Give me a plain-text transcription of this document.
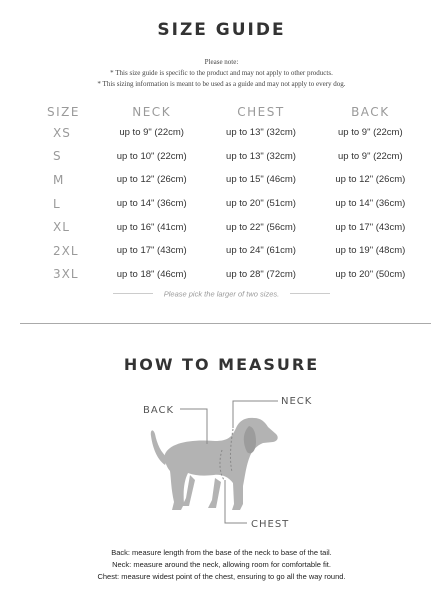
SIZE GUIDE
Please note:
* This size guide is specific to the product and may not apply to other products.
* This sizing information is meant to be used as a guide and may not apply to every dog.
SIZE	NECK	CHEST	BACK
XS	up to 9" (22cm)	up to 13" (32cm)	up to 9" (22cm)
S	up to 10" (22cm)	up to 13" (32cm)	up to 9" (22cm)
M	up to 12" (26cm)	up to 15" (46cm)	up to 12" (26cm)
L	up to 14" (36cm)	up to 20" (51cm)	up to 14" (36cm)
XL	up to 16" (41cm)	up to 22" (56cm)	up to 17" (43cm)
2XL	up to 17" (43cm)	up to 24" (61cm)	up to 19" (48cm)
3XL	up to 18" (46cm)	up to 28" (72cm)	up to 20" (50cm)
Please pick the larger of two sizes.
HOW TO MEASURE
BACK
NECK
CHEST
Back: measure length from the base of the neck to base of the tail.
Neck: measure around the neck, allowing room for comfortable fit.
Chest: measure widest point of the chest, ensuring to go all the way round.
